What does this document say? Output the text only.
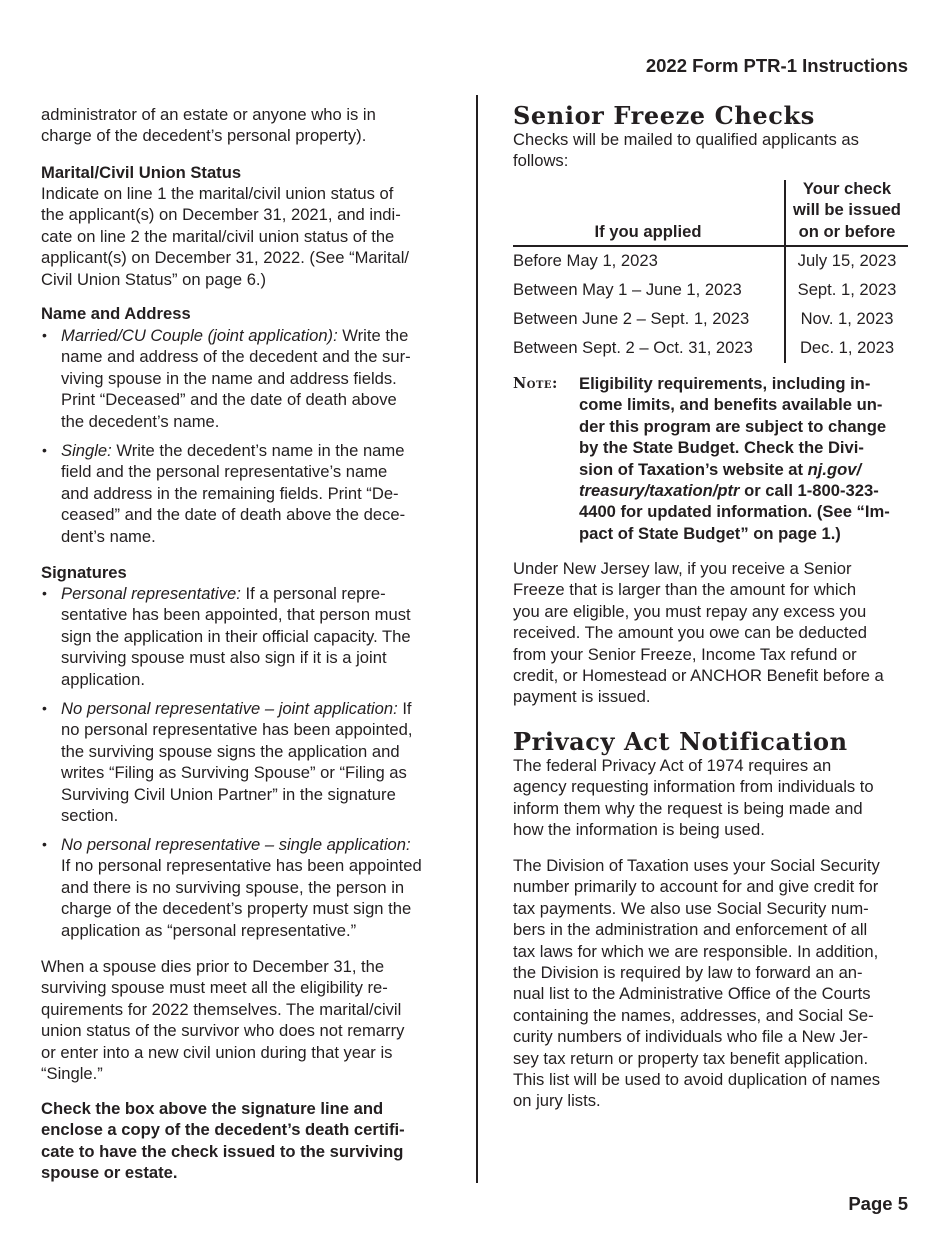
2022 Form PTR-1 Instructions
administrator of an estate or anyone who is in
charge of the decedent’s personal property).
Marital/Civil Union Status
Indicate on line 1 the marital/civil union status of
the applicant(s) on December 31, 2021, and indi-
cate on line 2 the marital/civil union status of the
applicant(s) on December 31, 2022. (See “Marital/
Civil Union Status” on page 6.)
Name and Address
• Married/CU Couple (joint application): Write the
name and address of the decedent and the sur-
viving spouse in the name and address fields.
Print “Deceased” and the date of death above
the decedent’s name.
• Single: Write the decedent’s name in the name
field and the personal representative’s name
and address in the remaining fields. Print “De-
ceased” and the date of death above the dece-
dent’s name.
Signatures
• Personal representative: If a personal repre-
sentative has been appointed, that person must
sign the application in their official capacity. The
surviving spouse must also sign if it is a joint
application.
• No personal representative – joint application: If
no personal representative has been appointed,
the surviving spouse signs the application and
writes “Filing as Surviving Spouse” or “Filing as
Surviving Civil Union Partner” in the signature
section.
• No personal representative – single application:
If no personal representative has been appointed
and there is no surviving spouse, the person in
charge of the decedent’s property must sign the
application as “personal representative.”
When a spouse dies prior to December 31, the
surviving spouse must meet all the eligibility re-
quirements for 2022 themselves. The marital/civil
union status of the survivor who does not remarry
or enter into a new civil union during that year is
“Single.”
Check the box above the signature line and
enclose a copy of the decedent’s death certifi-
cate to have the check issued to the surviving
spouse or estate.
Senior Freeze Checks
Checks will be mailed to qualified applicants as
follows:
If you applied
Your check
will be issued
on or before
Before May 1, 2023	July 15, 2023
Between May 1 – June 1, 2023	Sept. 1, 2023
Between June 2 – Sept. 1, 2023	Nov. 1, 2023
Between Sept. 2 – Oct. 31, 2023	Dec. 1, 2023
Note: Eligibility requirements, including in-
come limits, and benefits available un-
der this program are subject to change
by the State Budget. Check the Divi-
sion of Taxation’s website at nj.gov/
treasury/taxation/ptr or call 1-800-323-
4400 for updated information. (See “Im-
pact of State Budget” on page 1.)
Under New Jersey law, if you receive a Senior
Freeze that is larger than the amount for which
you are eligible, you must repay any excess you
received. The amount you owe can be deducted
from your Senior Freeze, Income Tax refund or
credit, or Homestead or ANCHOR Benefit before a
payment is issued.
Privacy Act Notification
The federal Privacy Act of 1974 requires an
agency requesting information from individuals to
inform them why the request is being made and
how the information is being used.
The Division of Taxation uses your Social Security
number primarily to account for and give credit for
tax payments. We also use Social Security num-
bers in the administration and enforcement of all
tax laws for which we are responsible. In addition,
the Division is required by law to forward an an-
nual list to the Administrative Office of the Courts
containing the names, addresses, and Social Se-
curity numbers of individuals who file a New Jer-
sey tax return or property tax benefit application.
This list will be used to avoid duplication of names
on jury lists.
Page 5
